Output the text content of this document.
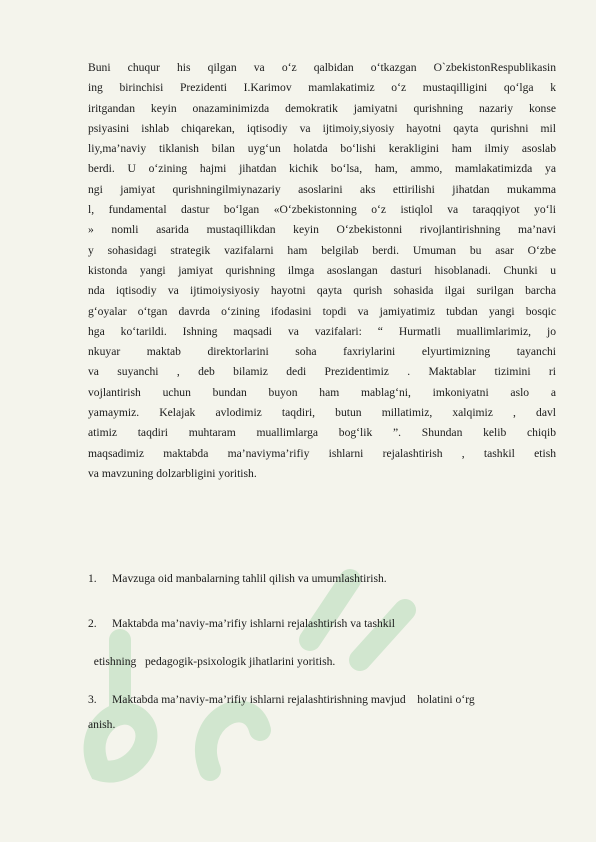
Buni chuqur his qilgan va o‘z qalbidan o‘tkazgan O`zbekistonRespublikasin
ing birinchisi Prezidenti I.Karimov mamlakatimiz o‘z mustaqilligini qo‘lga k
iritgandan keyin onazaminimizda demokratik jamiyatni qurishning nazariy konse
psiyasini ishlab chiqarekan, iqtisodiy va ijtimoiy,siyosiy hayotni qayta qurishni mil
liy,ma’naviy tiklanish bilan uyg‘un holatda bo‘lishi kerakligini ham ilmiy asoslab
berdi. U o‘zining hajmi jihatdan kichik bo‘lsa, ham, ammo, mamlakatimizda ya
ngi jamiyat qurishningilmiynazariy asoslarini aks ettirilishi jihatdan mukamma
l, fundamental dastur bo‘lgan «O‘zbekistonning o‘z istiqlol va taraqqiyot yo‘li
» nomli asarida mustaqillikdan keyin O‘zbekistonni rivojlantirishning ma’navi
y sohasidagi strategik vazifalarni ham belgilab berdi. Umuman bu asar O‘zbe
kistonda yangi jamiyat qurishning ilmga asoslangan dasturi hisoblanadi. Chunki u
nda iqtisodiy va ijtimoiysiyosiy hayotni qayta qurish sohasida ilgai surilgan barcha
g‘oyalar o‘tgan davrda o‘zining ifodasini topdi va jamiyatimiz tubdan yangi bosqic
hga ko‘tarildi. Ishning maqsadi va vazifalari: “ Hurmatli muallimlarimiz, jo
nkuyar maktab direktorlarini soha faxriylarini elyurtimizning tayanchi
va suyanchi , deb bilamiz dedi Prezidentimiz . Maktablar tizimini ri
vojlantirish uchun bundan buyon ham mablag‘ni, imkoniyatni aslo a
yamaymiz. Kelajak avlodimiz taqdiri, butun millatimiz, xalqimiz , davl
atimiz taqdiri muhtaram muallimlarga bog‘lik ”. Shundan kelib chiqib
maqsadimiz maktabda ma’naviyma’rifiy ishlarni rejalashtirish , tashkil etish
va mavzuning dolzarbligini yoritish.
1. Mavzuga oid manbalarning tahlil qilish va umumlashtirish.
2. Maktabda ma’naviy-ma’rifiy ishlarni rejalashtirish va tashkil
etishning   pedagogik-psixologik jihatlarini yoritish.
3. Maktabda ma’naviy-ma’rifiy ishlarni rejalashtirishning mavjud    holatini o‘rg
anish.
